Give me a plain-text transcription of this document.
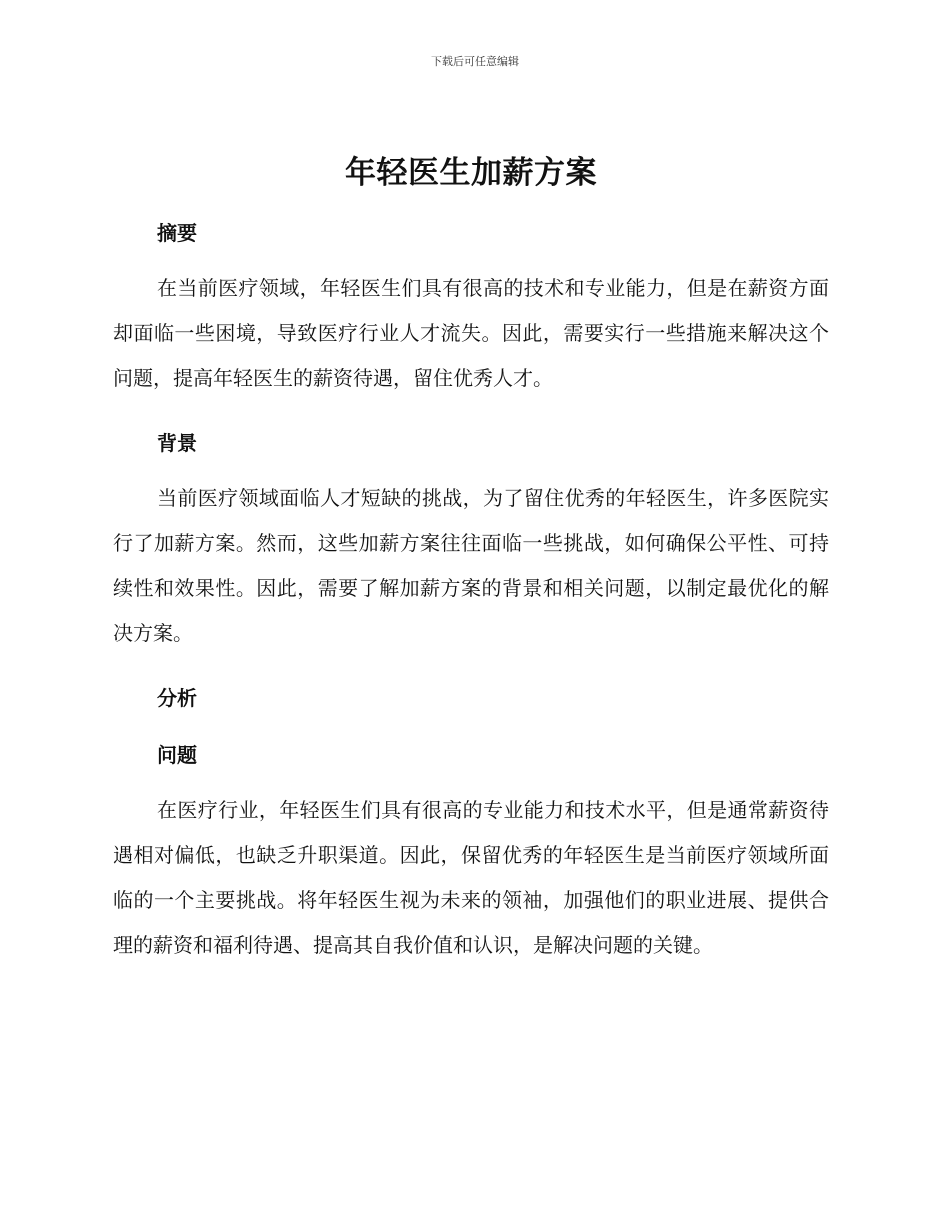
下载后可任意编辑
年轻医生加薪方案
摘要

在当前医疗领域，年轻医生们具有很高的技术和专业能力，但是在薪资方面却面临一些困境，导致医疗行业人才流失。因此，需要实行一些措施来解决这个问题，提高年轻医生的薪资待遇，留住优秀人才。

背景

当前医疗领域面临人才短缺的挑战，为了留住优秀的年轻医生，许多医院实行了加薪方案。然而，这些加薪方案往往面临一些挑战，如何确保公平性、可持续性和效果性。因此，需要了解加薪方案的背景和相关问题，以制定最优化的解决方案。

分析
问题

在医疗行业，年轻医生们具有很高的专业能力和技术水平，但是通常薪资待遇相对偏低，也缺乏升职渠道。因此，保留优秀的年轻医生是当前医疗领域所面临的一个主要挑战。将年轻医生视为未来的领袖，加强他们的职业进展、提供合理的薪资和福利待遇、提高其自我价值和认识，是解决问题的关键。
